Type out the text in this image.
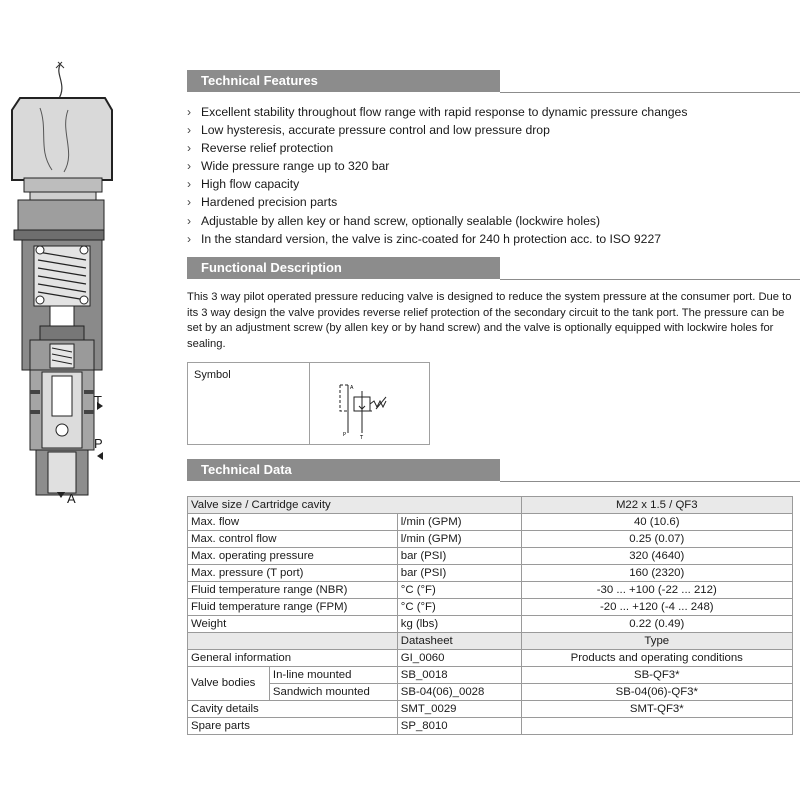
T
P
A
Technical Features
› Excellent stability throughout flow range with rapid response to dynamic pressure changes
› Low hysteresis, accurate pressure control and low pressure drop
› Reverse relief protection
› Wide pressure range up to 320 bar
› High flow capacity
› Hardened precision parts
› Adjustable by allen key or hand screw, optionally sealable (lockwire holes)
› In the standard version, the valve is zinc-coated for 240 h protection acc. to ISO 9227
Functional Description

This 3 way pilot operated pressure reducing valve is designed to reduce the system pressure at the consumer port. Due to its 3 way design the valve provides reverse relief protection of the secondary circuit to the tank port. The pressure can be set by an adjustment screw (by allen key or by hand screw) and the valve is optionally equipped with lockwire holes for sealing.

Symbol
A
P	T
Technical Data
Valve size / Cartridge cavity			M22 x 1.5 / QF3
Max. flow		l/min (GPM)	40 (10.6)
Max. control flow		l/min (GPM)	0.25 (0.07)
Max. operating pressure		bar (PSI)	320 (4640)
Max. pressure (T port)		bar (PSI)	160 (2320)
Fluid temperature range (NBR)		°C (°F)	-30 ... +100 (-22 ... 212)
Fluid temperature range (FPM)		°C (°F)	-20 ... +120 (-4 ... 248)
Weight		kg (lbs)	0.22 (0.49)
		Datasheet	Type
General information		GI_0060	Products and operating conditions
Valve bodies	In-line mounted	SB_0018	SB-QF3*
	Sandwich mounted	SB-04(06)_0028	SB-04(06)-QF3*
Cavity details		SMT_0029	SMT-QF3*
Spare parts		SP_8010	
